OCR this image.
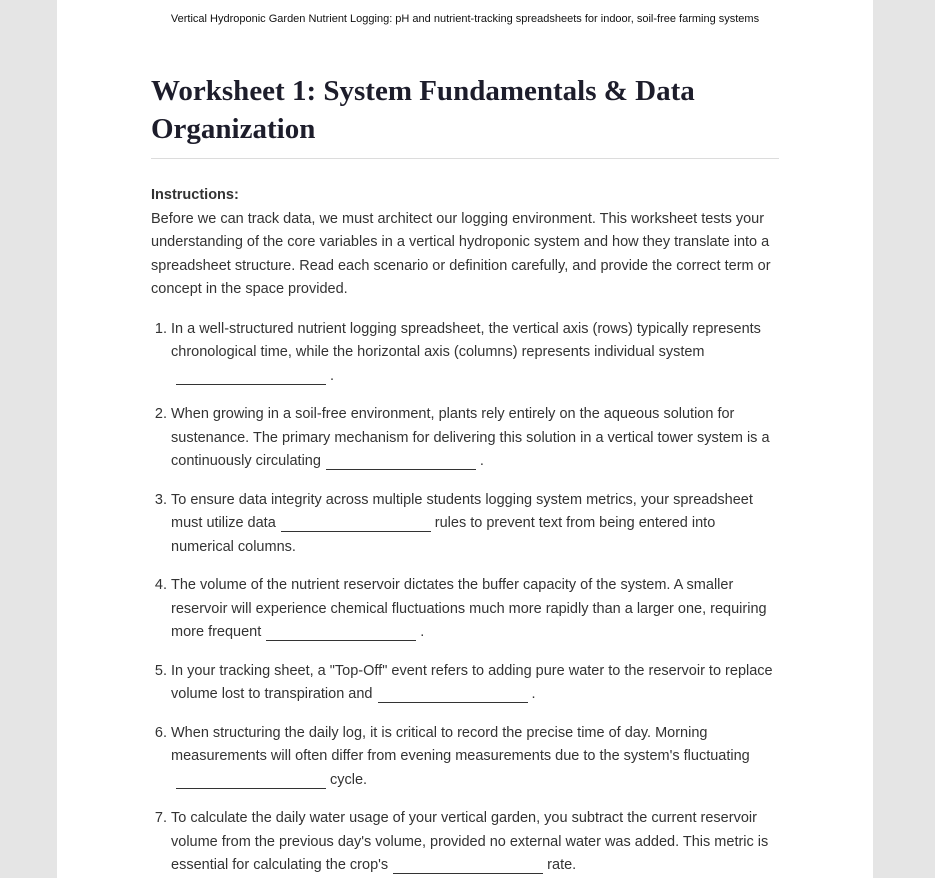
Vertical Hydroponic Garden Nutrient Logging: pH and nutrient-tracking spreadsheets for indoor, soil-free farming systems
Worksheet 1: System Fundamentals & Data Organization
Instructions:
Before we can track data, we must architect our logging environment. This worksheet tests your understanding of the core variables in a vertical hydroponic system and how they translate into a spreadsheet structure. Read each scenario or definition carefully, and provide the correct term or concept in the space provided.
1. In a well-structured nutrient logging spreadsheet, the vertical axis (rows) typically represents chronological time, while the horizontal axis (columns) represents individual system.
2. When growing in a soil-free environment, plants rely entirely on the aqueous solution for sustenance. The primary mechanism for delivering this solution in a vertical tower system is a continuously circulating	.
3. To ensure data integrity across multiple students logging system metrics, your spreadsheet must utilize data	rules to prevent text from being entered into numerical columns.
4. The volume of the nutrient reservoir dictates the buffer capacity of the system. A smaller reservoir will experience chemical fluctuations much more rapidly than a larger one, requiring more frequent	.
5. In your tracking sheet, a "Top-Off" event refers to adding pure water to the reservoir to replace volume lost to transpiration and	.
6. When structuring the daily log, it is critical to record the precise time of day. Morning measurements will often differ from evening measurements due to the system's fluctuatingcycle.
7. To calculate the daily water usage of your vertical garden, you subtract the current reservoir volume from the previous day's volume, provided no external water was added. This metric is essential for calculating the crop's	rate.
